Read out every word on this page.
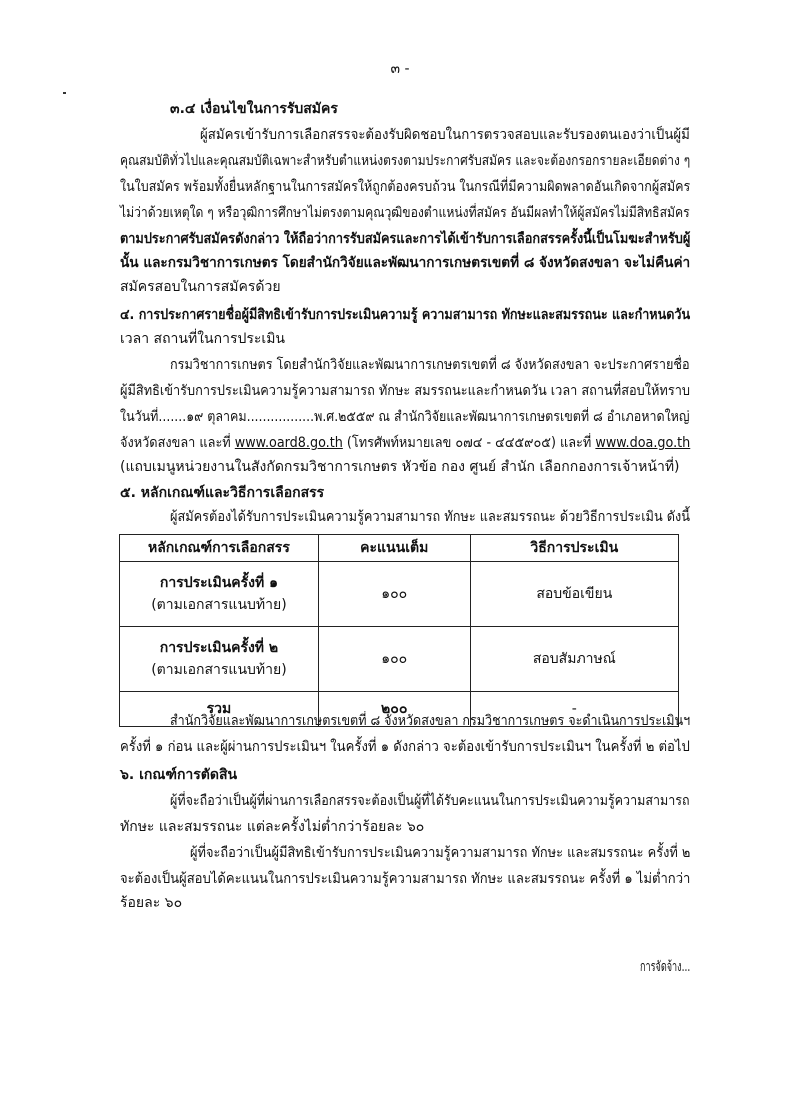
๓ -
๓.๔ เงื่อนไขในการรับสมัคร
ผู้สมัครเข้ารับการเลือกสรรจะต้องรับผิดชอบในการตรวจสอบและรับรองตนเองว่าเป็นผู้มี
คุณสมบัติทั่วไปและคุณสมบัติเฉพาะสำหรับตำแหน่งตรงตามประกาศรับสมัคร และจะต้องกรอกรายละเอียดต่าง ๆ
ในใบสมัคร พร้อมทั้งยื่นหลักฐานในการสมัครให้ถูกต้องครบถ้วน ในกรณีที่มีความผิดพลาดอันเกิดจากผู้สมัคร
ไม่ว่าด้วยเหตุใด ๆ หรือวุฒิการศึกษาไม่ตรงตามคุณวุฒิของตำแหน่งที่สมัคร อันมีผลทำให้ผู้สมัครไม่มีสิทธิสมัคร
ตามประกาศรับสมัครดังกล่าว ให้ถือว่าการรับสมัครและการได้เข้ารับการเลือกสรรครั้งนี้เป็นโมฆะสำหรับผู้
นั้น และกรมวิชาการเกษตร โดยสำนักวิจัยและพัฒนาการเกษตรเขตที่ ๘ จังหวัดสงขลา จะไม่คืนค่า
สมัครสอบในการสมัครด้วย
๔. การประกาศรายชื่อผู้มีสิทธิเข้ารับการประเมินความรู้ ความสามารถ ทักษะและสมรรถนะ และกำหนดวัน
เวลา สถานที่ในการประเมิน
กรมวิชาการเกษตร โดยสำนักวิจัยและพัฒนาการเกษตรเขตที่ ๘ จังหวัดสงขลา จะประกาศรายชื่อ
ผู้มีสิทธิเข้ารับการประเมินความรู้ความสามารถ ทักษะ สมรรถนะและกำหนดวัน เวลา สถานที่สอบให้ทราบ
ในวันที่.......๑๙ ตุลาคม.................พ.ศ.๒๕๕๙ ณ สำนักวิจัยและพัฒนาการเกษตรเขตที่ ๘ อำเภอหาดใหญ่
จังหวัดสงขลา และที่ www.oard8.go.th (โทรศัพท์หมายเลข ๐๗๔ - ๔๔๕๙๐๕) และที่ www.doa.go.th
(แถบเมนูหน่วยงานในสังกัดกรมวิชาการเกษตร หัวข้อ กอง ศูนย์ สำนัก เลือกกองการเจ้าหน้าที่)
๕. หลักเกณฑ์และวิธีการเลือกสรร
ผู้สมัครต้องได้รับการประเมินความรู้ความสามารถ ทักษะ และสมรรถนะ ด้วยวิธีการประเมิน ดังนี้
หลักเกณฑ์การเลือกสรร	คะแนนเต็ม	วิธีการประเมิน

การประเมินครั้งที่ ๑
(ตามเอกสารแนบท้าย)	๑๐๐	สอบข้อเขียน

การประเมินครั้งที่ ๒
(ตามเอกสารแนบท้าย)	๑๐๐	สอบสัมภาษณ์
รวม	๒๐๐	-
สำนักวิจัยและพัฒนาการเกษตรเขตที่ ๘ จังหวัดสงขลา กรมวิชาการเกษตร จะดำเนินการประเมินฯ
ครั้งที่ ๑ ก่อน และผู้ผ่านการประเมินฯ ในครั้งที่ ๑ ดังกล่าว จะต้องเข้ารับการประเมินฯ ในครั้งที่ ๒ ต่อไป
๖. เกณฑ์การตัดสิน
ผู้ที่จะถือว่าเป็นผู้ที่ผ่านการเลือกสรรจะต้องเป็นผู้ที่ได้รับคะแนนในการประเมินความรู้ความสามารถ
ทักษะ และสมรรถนะ แต่ละครั้งไม่ต่ำกว่าร้อยละ ๖๐
ผู้ที่จะถือว่าเป็นผู้มีสิทธิเข้ารับการประเมินความรู้ความสามารถ ทักษะ และสมรรถนะ ครั้งที่ ๒
จะต้องเป็นผู้สอบได้คะแนนในการประเมินความรู้ความสามารถ ทักษะ และสมรรถนะ ครั้งที่ ๑ ไม่ต่ำกว่า
ร้อยละ ๖๐
การจัดจ้าง...
